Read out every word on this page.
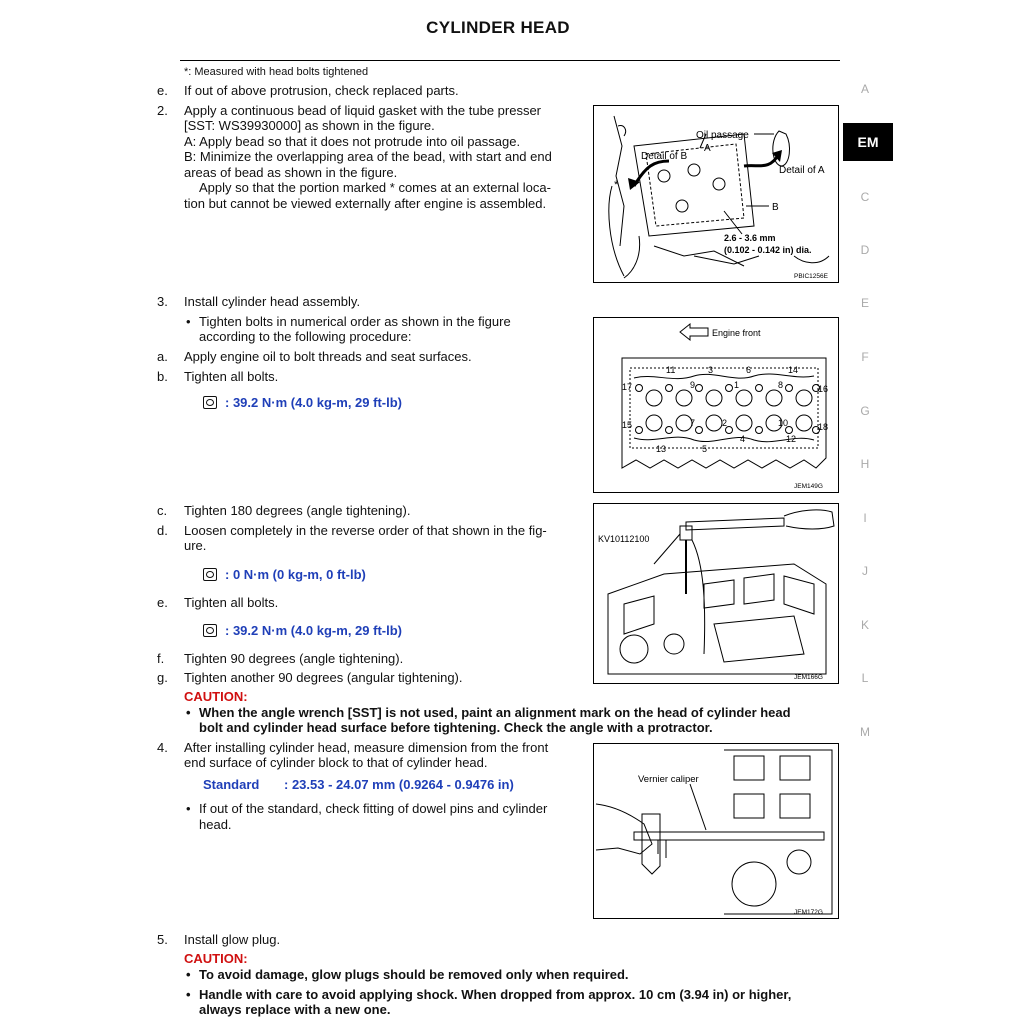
CYLINDER HEAD
A
EM
C
D
E
F
G
H
I
J
K
L
M
*: Measured with head bolts tightened
e. If out of above protrusion, check replaced parts.
2. Apply a continuous bead of liquid gasket with the tube presser
[SST: WS39930000] as shown in the figure.
A: Apply bead so that it does not protrude into oil passage.
B: Minimize the overlapping area of the bead, with start and end
areas of bead as shown in the figure.
Apply so that the portion marked * comes at an external loca-
tion but cannot be viewed externally after engine is assembled.
Oil passage
Detail of B
A
Detail of A
B
*
2.6 - 3.6 mm
(0.102 - 0.142 in) dia.
PBIC1256E
3. Install cylinder head assembly.
• Tighten bolts in numerical order as shown in the figure
according to the following procedure:
a. Apply engine oil to bolt threads and seat surfaces.
b. Tighten all bolts.
: 39.2 N·m (4.0 kg-m, 29 ft-lb)
Engine front
1
2
3
4
5
6
7
8
9
10
11
12
13
14
15
16
17
18
JEM149G
c. Tighten 180 degrees (angle tightening).
d. Loosen completely in the reverse order of that shown in the fig-
ure.
: 0 N·m (0 kg-m, 0 ft-lb)
e. Tighten all bolts.
: 39.2 N·m (4.0 kg-m, 29 ft-lb)
f. Tighten 90 degrees (angle tightening).
g. Tighten another 90 degrees (angular tightening).
KV10112100
JEM166G
CAUTION:
• When the angle wrench [SST] is not used, paint an alignment mark on the head of cylinder head
bolt and cylinder head surface before tightening. Check the angle with a protractor.
4. After installing cylinder head, measure dimension from the front
end surface of cylinder block to that of cylinder head.
Standard : 23.53 - 24.07 mm (0.9264 - 0.9476 in)
• If out of the standard, check fitting of dowel pins and cylinder
head.
Vernier caliper
JEM172G
5. Install glow plug.
CAUTION:
• To avoid damage, glow plugs should be removed only when required.
• Handle with care to avoid applying shock. When dropped from approx. 10 cm (3.94 in) or higher,
always replace with a new one.
